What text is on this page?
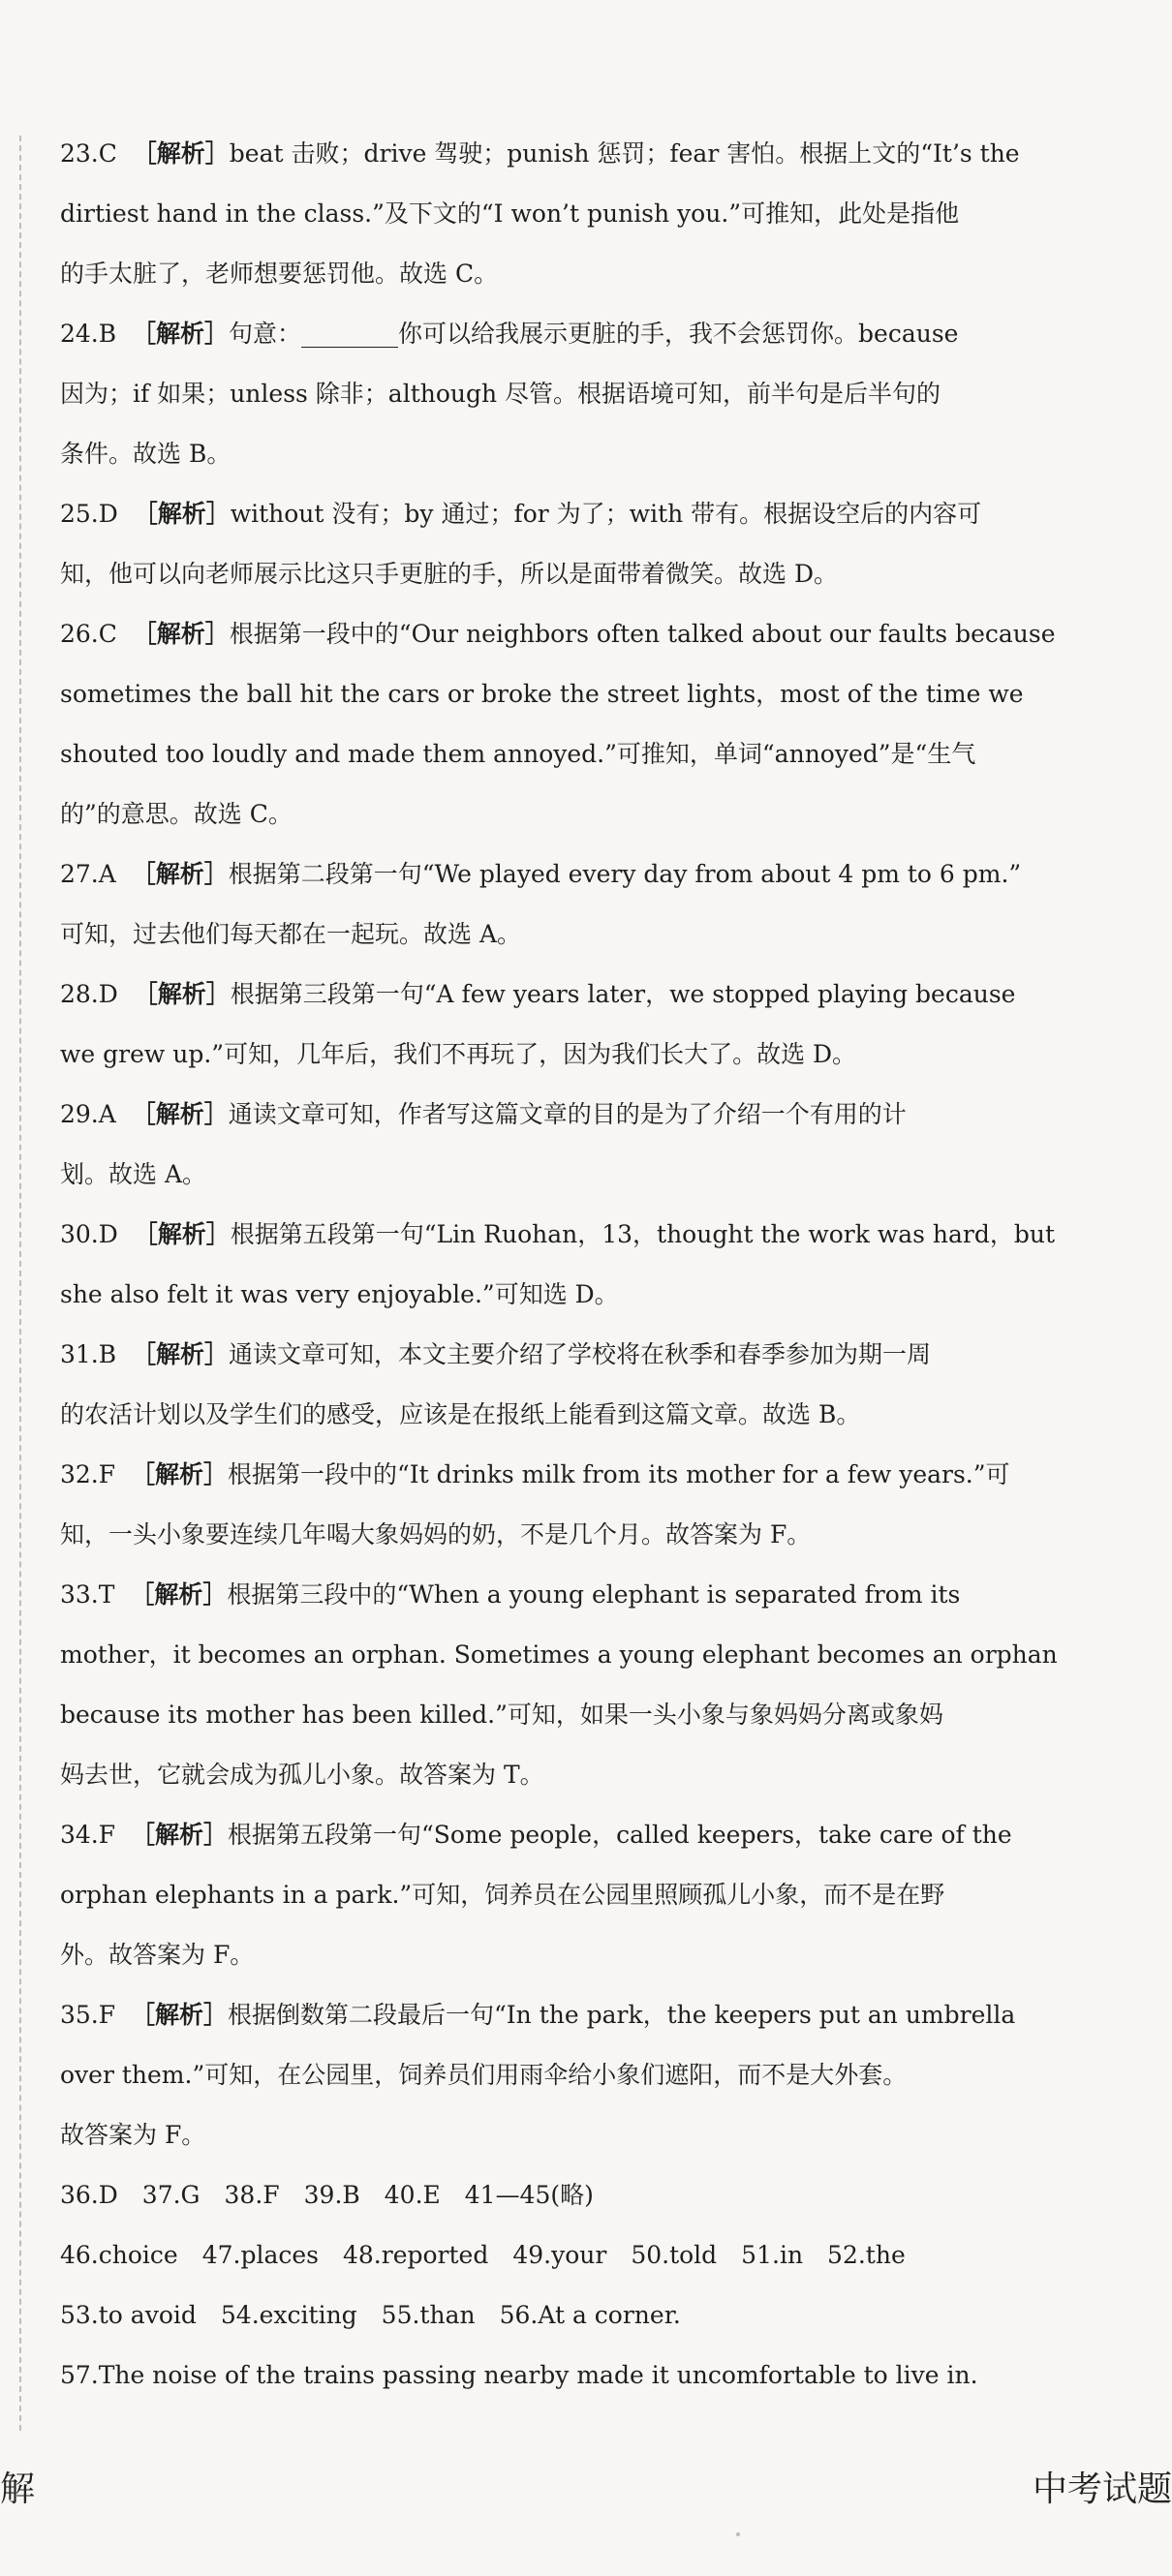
23.C  ［解析］beat 击败；drive 驾驶；punish 惩罚；fear 害怕。根据上文的“It’s the

dirtiest hand in the class.”及下文的“I won’t punish you.”可推知，此处是指他

的手太脏了，老师想要惩罚他。故选 C。

24.B  ［解析］句意：________你可以给我展示更脏的手，我不会惩罚你。because

因为；if 如果；unless 除非；although 尽管。根据语境可知，前半句是后半句的

条件。故选 B。

25.D  ［解析］without 没有；by 通过；for 为了；with 带有。根据设空后的内容可

知，他可以向老师展示比这只手更脏的手，所以是面带着微笑。故选 D。

26.C  ［解析］根据第一段中的“Our neighbors often talked about our faults because

sometimes the ball hit the cars or broke the street lights，most of the time we

shouted too loudly and made them annoyed.”可推知，单词“annoyed”是“生气

的”的意思。故选 C。

27.A  ［解析］根据第二段第一句“We played every day from about 4 pm to 6 pm.”

可知，过去他们每天都在一起玩。故选 A。

28.D  ［解析］根据第三段第一句“A few years later，we stopped playing because

we grew up.”可知，几年后，我们不再玩了，因为我们长大了。故选 D。

29.A  ［解析］通读文章可知，作者写这篇文章的目的是为了介绍一个有用的计

划。故选 A。

30.D  ［解析］根据第五段第一句“Lin Ruohan，13，thought the work was hard，but

she also felt it was very enjoyable.”可知选 D。

31.B  ［解析］通读文章可知，本文主要介绍了学校将在秋季和春季参加为期一周

的农活计划以及学生们的感受，应该是在报纸上能看到这篇文章。故选 B。

32.F  ［解析］根据第一段中的“It drinks milk from its mother for a few years.”可

知，一头小象要连续几年喝大象妈妈的奶，不是几个月。故答案为 F。

33.T  ［解析］根据第三段中的“When a young elephant is separated from its

mother，it becomes an orphan. Sometimes a young elephant becomes an orphan

because its mother has been killed.”可知，如果一头小象与象妈妈分离或象妈

妈去世，它就会成为孤儿小象。故答案为 T。

34.F  ［解析］根据第五段第一句“Some people，called keepers，take care of the

orphan elephants in a park.”可知，饲养员在公园里照顾孤儿小象，而不是在野

外。故答案为 F。

35.F  ［解析］根据倒数第二段最后一句“In the park，the keepers put an umbrella

over them.”可知，在公园里，饲养员们用雨伞给小象们遮阳，而不是大外套。

故答案为 F。

36.D　37.G　38.F　39.B　40.E　41—45(略)

46.choice　47.places　48.reported　49.your　50.told　51.in　52.the

53.to avoid　54.exciting　55.than　56.At a corner.

57.The noise of the trains passing nearby made it uncomfortable to live in.

解	中考试题
